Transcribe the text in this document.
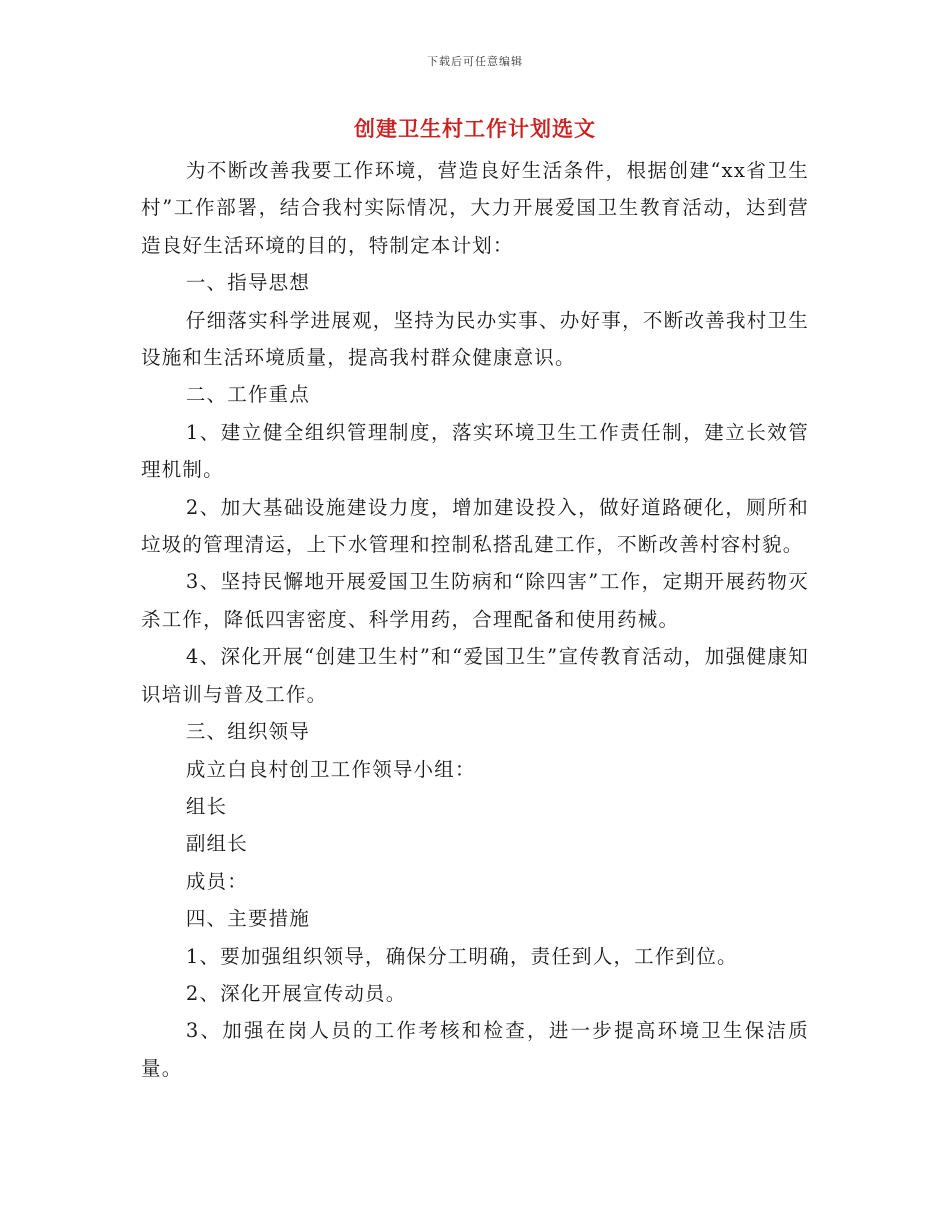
下载后可任意编辑
创建卫生村工作计划选文

为不断改善我要工作环境，营造良好生活条件，根据创建“xx省卫生村”工作部署，结合我村实际情况，大力开展爱国卫生教育活动，达到营造良好生活环境的目的，特制定本计划：

一、指导思想

仔细落实科学进展观，坚持为民办实事、办好事，不断改善我村卫生设施和生活环境质量，提高我村群众健康意识。

二、工作重点

1、建立健全组织管理制度，落实环境卫生工作责任制，建立长效管理机制。

2、加大基础设施建设力度，增加建设投入，做好道路硬化，厕所和垃圾的管理清运，上下水管理和控制私搭乱建工作，不断改善村容村貌。

3、坚持民懈地开展爱国卫生防病和“除四害”工作，定期开展药物灭杀工作，降低四害密度、科学用药，合理配备和使用药械。

4、深化开展“创建卫生村”和“爱国卫生”宣传教育活动，加强健康知识培训与普及工作。

三、组织领导

成立白良村创卫工作领导小组：

组长

副组长

成员：

四、主要措施

1、要加强组织领导，确保分工明确，责任到人，工作到位。

2、深化开展宣传动员。

3、加强在岗人员的工作考核和检查，进一步提高环境卫生保洁质量。
